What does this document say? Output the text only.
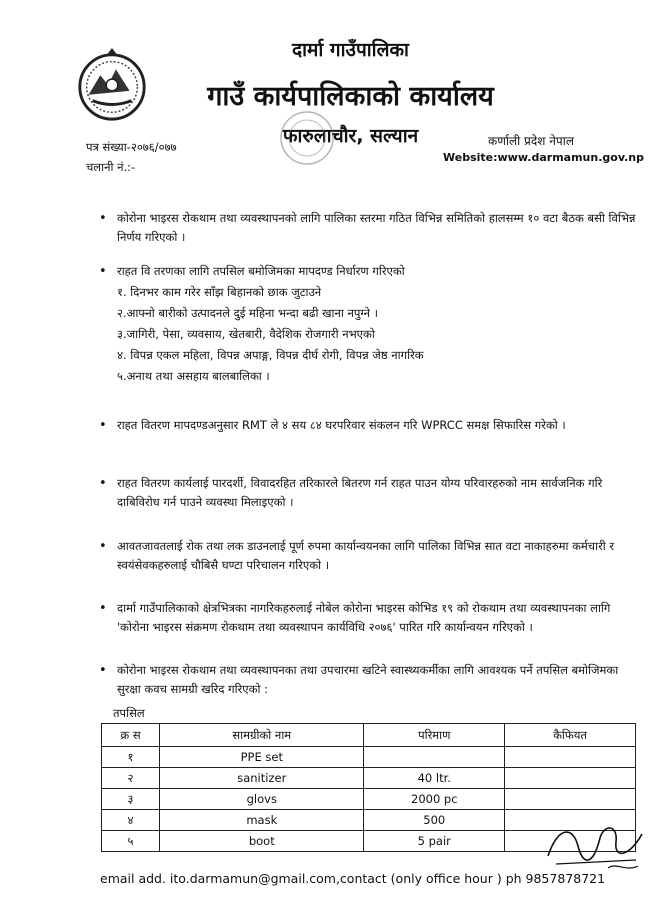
दार्मा गाउँपालिका
गाउँ कार्यपालिकाको कार्यालय
फारुलाचौर, सल्यान	कर्णाली प्रदेश नेपाल
Website:www.darmamun.gov.np
पत्र संख्या-२०७६/०७७
चलानी नं.:-
• कोरोना भाइरस रोकथाम तथा व्यवस्थापनको लागि पालिका स्तरमा गठित विभिन्न समितिको हालसम्म १० वटा बैठक बसी विभिन्न निर्णय गरिएको ।
• राहत वि तरणका लागि तपसिल बमोजिमका मापदण्ड निर्धारण गरिएको
१. दिनभर काम गरेर साँझ बिहानको छाक जुटाउने
२.आफ्नो बारीको उत्पादनले दुई महिना भन्दा बढी खाना नपुग्ने ।
३.जागिरी, पेसा, व्यवसाय, खेतबारी, वैदेशिक रोजगारी नभएको
४. विपन्न एकल महिला, विपन्न अपाङ्ग, विपन्न दीर्घ रोगी, विपन्न जेष्ठ नागरिक
५.अनाथ तथा असहाय बालबालिका ।
• राहत वितरण मापदण्डअनुसार RMT ले ४ सय ८४ घरपरिवार संकलन गरि WPRCC समक्ष सिफारिस गरेको ।
• राहत वितरण कार्यलाई पारदर्शी, विवादरहित तरिकारले बितरण गर्न राहत पाउन योग्य परिवारहरुको नाम सार्वजनिक गरि दाबिविरोध गर्न पाउने व्यवस्था मिलाइएको ।
• आवतजावतलाई रोक तथा लक डाउनलाई पूर्ण रुपमा कार्यान्वयनका लागि पालिका विभिन्न सात वटा नाकाहरुमा कर्मचारी र स्वयंसेवकहरुलाई चौबिसै घण्टा परिचालन गरिएको ।
• दार्मा गाउँपालिकाको क्षेत्रभित्रका नागरिकहरुलाई नोबेल कोरोना भाइरस कोभिड १९ को रोकथाम तथा व्यवस्थापनका लागि 'कोरोना भाइरस संक्रमण रोकथाम तथा व्यवस्थापन कार्यविधि २०७६' पारित गरि कार्यान्वयन गरिएको ।
• कोरोना भाइरस रोकथाम तथा व्यवस्थापनका तथा उपचारमा खटिने स्वास्थ्यकर्मीका लागि आवश्यक पर्ने तपसिल बमोजिमका सुरक्षा कवच सामग्री खरिद गरिएको :
तपसिल
क्र स	सामग्रीको नाम	परिमाण	कैफियत
१	PPE set		
२	sanitizer	40 ltr.	
३	glovs	2000 pc	
४	mask	500	
५	boot	5 pair	
email add. ito.darmamun@gmail.com,contact (only office hour ) ph 9857878721
